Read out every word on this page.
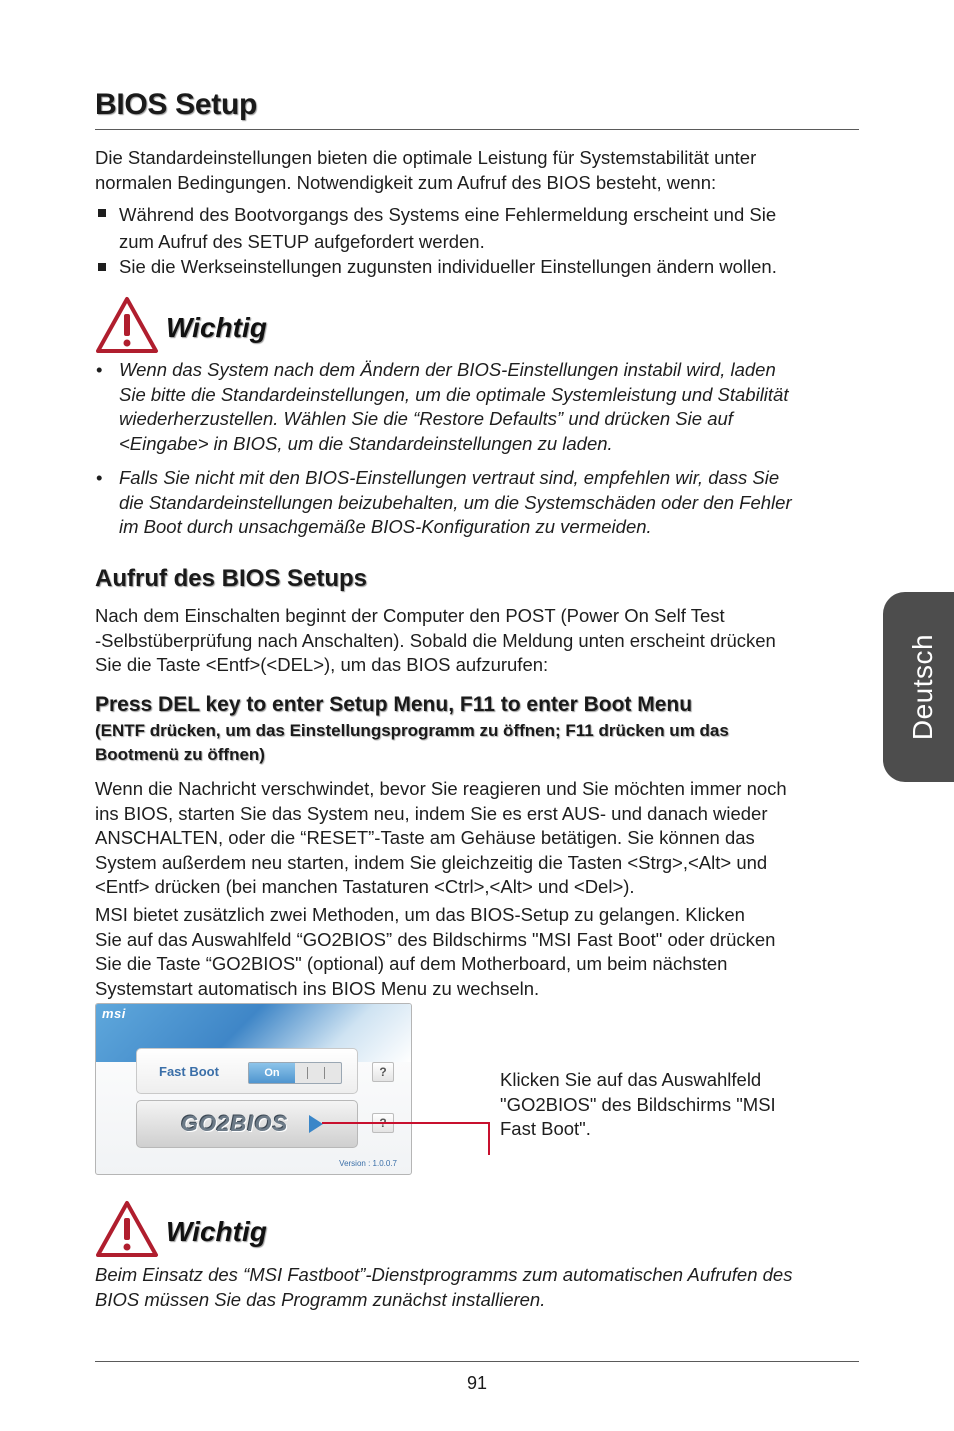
BIOS Setup
Die Standardeinstellungen bieten die optimale Leistung für Systemstabilität unter
normalen Bedingungen. Notwendigkeit zum Aufruf des BIOS besteht, wenn:
Während des Bootvorgangs des Systems eine Fehlermeldung erscheint und Sie
zum Aufruf des SETUP aufgefordert werden.
Sie die Werkseinstellungen zugunsten individueller Einstellungen ändern wollen.
Wichtig
• Wenn das System nach dem Ändern der BIOS-Einstellungen instabil wird, laden
Sie bitte die Standardeinstellungen, um die optimale Systemleistung und Stabilität
wiederherzustellen. Wählen Sie die “Restore Defaults” und drücken Sie auf
<Eingabe> in BIOS, um die Standardeinstellungen zu laden.
• Falls Sie nicht mit den BIOS-Einstellungen vertraut sind, empfehlen wir, dass Sie
die Standardeinstellungen beizubehalten, um die Systemschäden oder den Fehler
im Boot durch unsachgemäße BIOS-Konfiguration zu vermeiden.
Aufruf des BIOS Setups
Nach dem Einschalten beginnt der Computer den POST (Power On Self Test
-Selbstüberprüfung nach Anschalten). Sobald die Meldung unten erscheint drücken
Sie die Taste <Entf>(<DEL>), um das BIOS aufzurufen:
Press DEL key to enter Setup Menu, F11 to enter Boot Menu
(ENTF drücken, um das Einstellungsprogramm zu öffnen; F11 drücken um das
Bootmenü zu öffnen)
Wenn die Nachricht verschwindet, bevor Sie reagieren und Sie möchten immer noch
ins BIOS, starten Sie das System neu, indem Sie es erst AUS- und danach wieder
ANSCHALTEN, oder die “RESET”-Taste am Gehäuse betätigen. Sie können das
System außerdem neu starten, indem Sie gleichzeitig die Tasten <Strg>,<Alt> und
<Entf> drücken (bei manchen Tastaturen <Ctrl>,<Alt> und <Del>).
MSI bietet zusätzlich zwei Methoden, um das BIOS-Setup zu gelangen. Klicken
Sie auf das Auswahlfeld “GO2BIOS” des Bildschirms "MSI Fast Boot" oder drücken
Sie die Taste “GO2BIOS" (optional) auf dem Motherboard, um beim nächsten
Systemstart automatisch ins BIOS Menu zu wechseln.
msi
Fast Boot	On	?
GO2BIOS
Version : 1.0.0.7
Klicken Sie auf das Auswahlfeld
"GO2BIOS" des Bildschirms "MSI
Fast Boot".
Wichtig
Beim Einsatz des “MSI Fastboot”-Dienstprogramms zum automatischen Aufrufen des
BIOS müssen Sie das Programm zunächst installieren.
Deutsch
91
